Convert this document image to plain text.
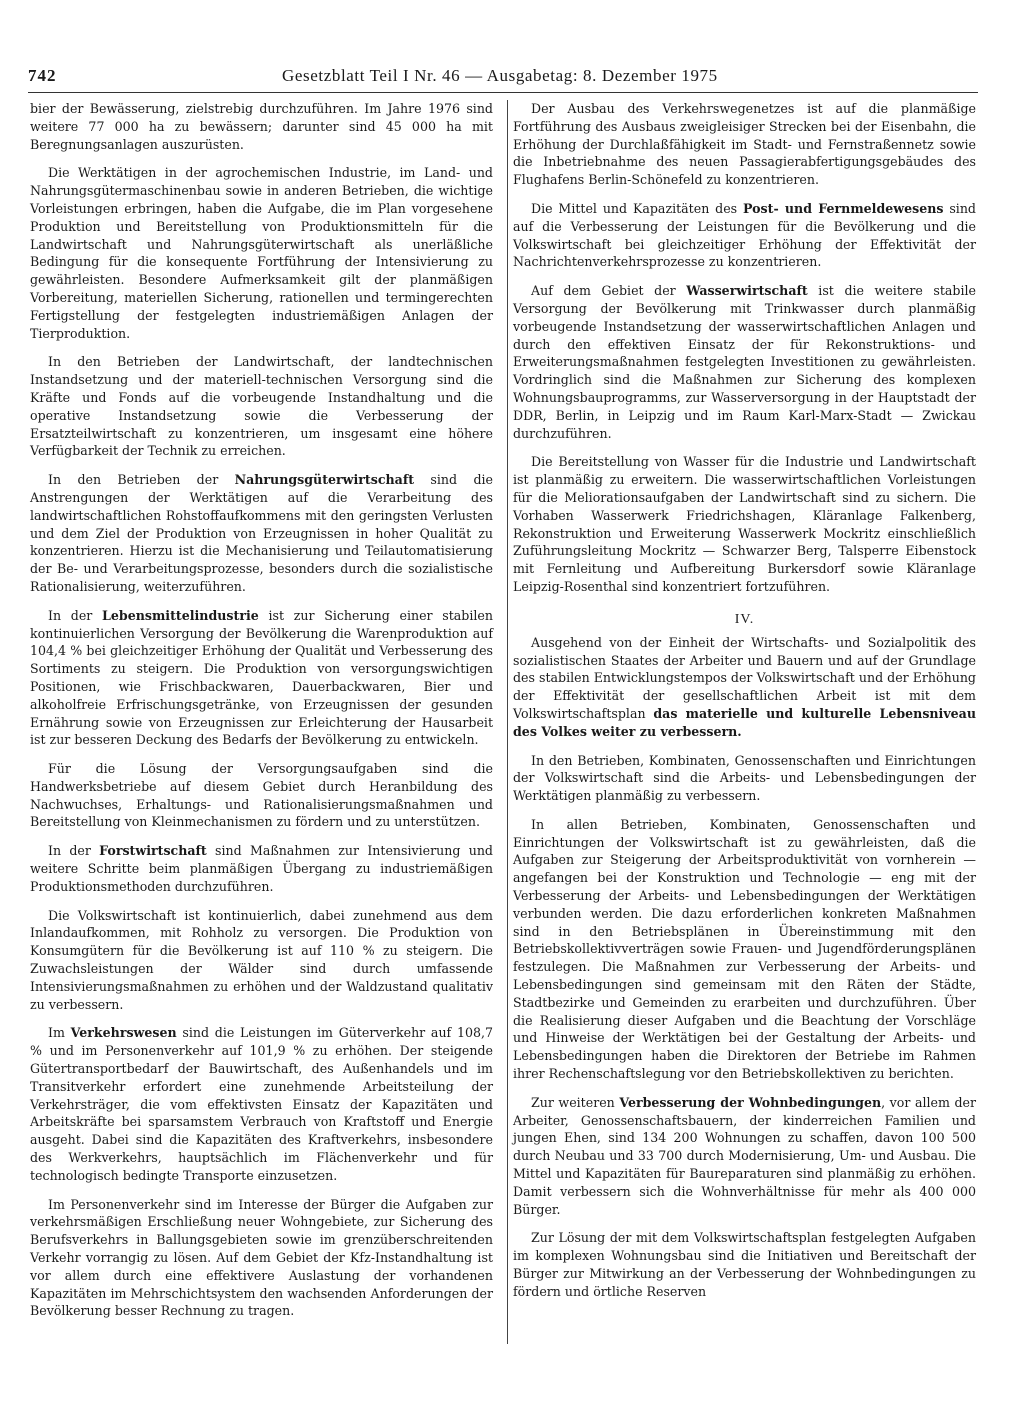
742	Gesetzblatt Teil I Nr. 46 — Ausgabetag: 8. Dezember 1975

bier der Bewässerung, zielstrebig durchzuführen. Im Jahre 1976 sind weitere 77 000 ha zu bewässern; darunter sind 45 000 ha mit Beregnungsanlagen auszurüsten.

Die Werktätigen in der agrochemischen Industrie, im Land- und Nahrungsgütermaschinenbau sowie in anderen Betrieben, die wichtige Vorleistungen erbringen, haben die Aufgabe, die im Plan vorgesehene Produktion und Bereitstellung von Produktionsmitteln für die Landwirtschaft und Nahrungsgüterwirtschaft als unerläßliche Bedingung für die konsequente Fortführung der Intensivierung zu gewährleisten. Besondere Aufmerksamkeit gilt der planmäßigen Vorbereitung, materiellen Sicherung, rationellen und termingerechten Fertigstellung der festgelegten industriemäßigen Anlagen der Tierproduktion.

In den Betrieben der Landwirtschaft, der landtechnischen Instandsetzung und der materiell-technischen Versorgung sind die Kräfte und Fonds auf die vorbeugende Instandhaltung und die operative Instandsetzung sowie die Verbesserung der Ersatzteilwirtschaft zu konzentrieren, um insgesamt eine höhere Verfügbarkeit der Technik zu erreichen.

In den Betrieben der Nahrungsgüterwirtschaft sind die Anstrengungen der Werktätigen auf die Verarbeitung des landwirtschaftlichen Rohstoffaufkommens mit den geringsten Verlusten und dem Ziel der Produktion von Erzeugnissen in hoher Qualität zu konzentrieren. Hierzu ist die Mechanisierung und Teilautomatisierung der Be- und Verarbeitungsprozesse, besonders durch die sozialistische Rationalisierung, weiterzuführen.

In der Lebensmittelindustrie ist zur Sicherung einer stabilen kontinuierlichen Versorgung der Bevölkerung die Warenproduktion auf 104,4 % bei gleichzeitiger Erhöhung der Qualität und Verbesserung des Sortiments zu steigern. Die Produktion von versorgungswichtigen Positionen, wie Frischbackwaren, Dauerbackwaren, Bier und alkoholfreie Erfrischungsgetränke, von Erzeugnissen der gesunden Ernährung sowie von Erzeugnissen zur Erleichterung der Hausarbeit ist zur besseren Deckung des Bedarfs der Bevölkerung zu entwickeln.

Für die Lösung der Versorgungsaufgaben sind die Handwerksbetriebe auf diesem Gebiet durch Heranbildung des Nachwuchses, Erhaltungs- und Rationalisierungsmaßnahmen und Bereitstellung von Kleinmechanismen zu fördern und zu unterstützen.

In der Forstwirtschaft sind Maßnahmen zur Intensivierung und weitere Schritte beim planmäßigen Übergang zu industriemäßigen Produktionsmethoden durchzuführen.

Die Volkswirtschaft ist kontinuierlich, dabei zunehmend aus dem Inlandaufkommen, mit Rohholz zu versorgen. Die Produktion von Konsumgütern für die Bevölkerung ist auf 110 % zu steigern. Die Zuwachsleistungen der Wälder sind durch umfassende Intensivierungsmaßnahmen zu erhöhen und der Waldzustand qualitativ zu verbessern.

Im Verkehrswesen sind die Leistungen im Güterverkehr auf 108,7 % und im Personenverkehr auf 101,9 % zu erhöhen. Der steigende Gütertransportbedarf der Bauwirtschaft, des Außenhandels und im Transitverkehr erfordert eine zunehmende Arbeitsteilung der Verkehrsträger, die vom effektivsten Einsatz der Kapazitäten und Arbeitskräfte bei sparsamstem Verbrauch von Kraftstoff und Energie ausgeht. Dabei sind die Kapazitäten des Kraftverkehrs, insbesondere des Werkverkehrs, hauptsächlich im Flächenverkehr und für technologisch bedingte Transporte einzusetzen.

Im Personenverkehr sind im Interesse der Bürger die Aufgaben zur verkehrsmäßigen Erschließung neuer Wohngebiete, zur Sicherung des Berufsverkehrs in Ballungsgebieten sowie im grenzüberschreitenden Verkehr vorrangig zu lösen. Auf dem Gebiet der Kfz-Instandhaltung ist vor allem durch eine effektivere Auslastung der vorhandenen Kapazitäten im Mehrschichtsystem den wachsenden Anforderungen der Bevölkerung besser Rechnung zu tragen.

Der Ausbau des Verkehrswegenetzes ist auf die planmäßige Fortführung des Ausbaus zweigleisiger Strecken bei der Eisenbahn, die Erhöhung der Durchlaßfähigkeit im Stadt- und Fernstraßennetz sowie die Inbetriebnahme des neuen Passagierabfertigungsgebäudes des Flughafens Berlin-Schönefeld zu konzentrieren.

Die Mittel und Kapazitäten des Post- und Fernmeldewesens sind auf die Verbesserung der Leistungen für die Bevölkerung und die Volkswirtschaft bei gleichzeitiger Erhöhung der Effektivität der Nachrichtenverkehrsprozesse zu konzentrieren.

Auf dem Gebiet der Wasserwirtschaft ist die weitere stabile Versorgung der Bevölkerung mit Trinkwasser durch planmäßig vorbeugende Instandsetzung der wasserwirtschaftlichen Anlagen und durch den effektiven Einsatz der für Rekonstruktions- und Erweiterungsmaßnahmen festgelegten Investitionen zu gewährleisten. Vordringlich sind die Maßnahmen zur Sicherung des komplexen Wohnungsbauprogramms, zur Wasserversorgung in der Hauptstadt der DDR, Berlin, in Leipzig und im Raum Karl-Marx-Stadt — Zwickau durchzuführen.

Die Bereitstellung von Wasser für die Industrie und Landwirtschaft ist planmäßig zu erweitern. Die wasserwirtschaftlichen Vorleistungen für die Meliorationsaufgaben der Landwirtschaft sind zu sichern. Die Vorhaben Wasserwerk Friedrichshagen, Kläranlage Falkenberg, Rekonstruktion und Erweiterung Wasserwerk Mockritz einschließlich Zuführungsleitung Mockritz — Schwarzer Berg, Talsperre Eibenstock mit Fernleitung und Aufbereitung Burkersdorf sowie Kläranlage Leipzig-Rosenthal sind konzentriert fortzuführen.

IV.

Ausgehend von der Einheit der Wirtschafts- und Sozialpolitik des sozialistischen Staates der Arbeiter und Bauern und auf der Grundlage des stabilen Entwicklungstempos der Volkswirtschaft und der Erhöhung der Effektivität der gesellschaftlichen Arbeit ist mit dem Volkswirtschaftsplan das materielle und kulturelle Lebensniveau des Volkes weiter zu verbessern.

In den Betrieben, Kombinaten, Genossenschaften und Einrichtungen der Volkswirtschaft sind die Arbeits- und Lebensbedingungen der Werktätigen planmäßig zu verbessern.

In allen Betrieben, Kombinaten, Genossenschaften und Einrichtungen der Volkswirtschaft ist zu gewährleisten, daß die Aufgaben zur Steigerung der Arbeitsproduktivität von vornherein — angefangen bei der Konstruktion und Technologie — eng mit der Verbesserung der Arbeits- und Lebensbedingungen der Werktätigen verbunden werden. Die dazu erforderlichen konkreten Maßnahmen sind in den Betriebsplänen in Übereinstimmung mit den Betriebskollektivverträgen sowie Frauen- und Jugendförderungsplänen festzulegen. Die Maßnahmen zur Verbesserung der Arbeits- und Lebensbedingungen sind gemeinsam mit den Räten der Städte, Stadtbezirke und Gemeinden zu erarbeiten und durchzuführen. Über die Realisierung dieser Aufgaben und die Beachtung der Vorschläge und Hinweise der Werktätigen bei der Gestaltung der Arbeits- und Lebensbedingungen haben die Direktoren der Betriebe im Rahmen ihrer Rechenschaftslegung vor den Betriebskollektiven zu berichten.

Zur weiteren Verbesserung der Wohnbedingungen, vor allem der Arbeiter, Genossenschaftsbauern, der kinderreichen Familien und jungen Ehen, sind 134 200 Wohnungen zu schaffen, davon 100 500 durch Neubau und 33 700 durch Modernisierung, Um- und Ausbau. Die Mittel und Kapazitäten für Baureparaturen sind planmäßig zu erhöhen. Damit verbessern sich die Wohnverhältnisse für mehr als 400 000 Bürger.

Zur Lösung der mit dem Volkswirtschaftsplan festgelegten Aufgaben im komplexen Wohnungsbau sind die Initiativen und Bereitschaft der Bürger zur Mitwirkung an der Verbesserung der Wohnbedingungen zu fördern und örtliche Reserven
